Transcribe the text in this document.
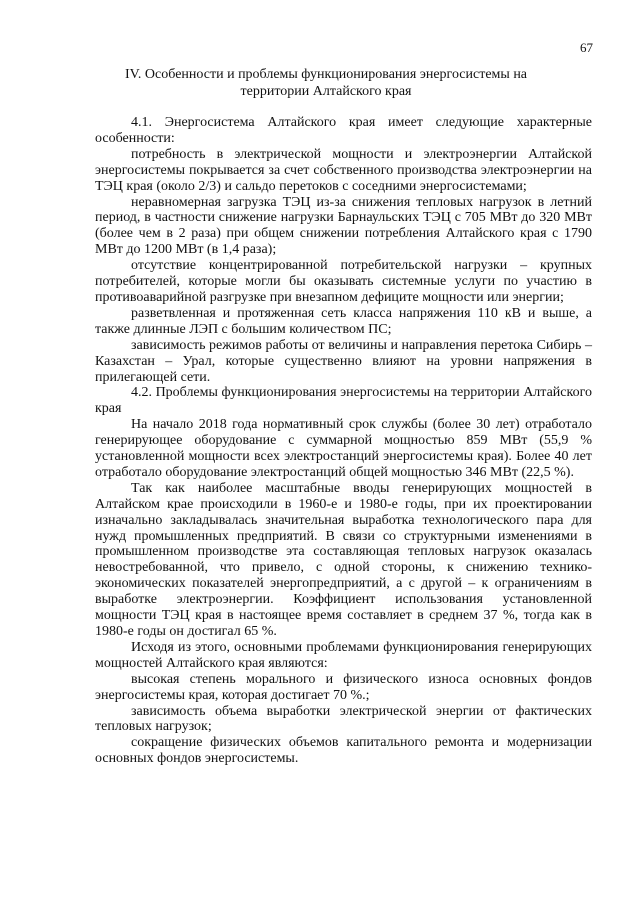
67
IV. Особенности и проблемы функционирования энергосистемы на территории Алтайского края

4.1. Энергосистема Алтайского края имеет следующие характерные особенности:

потребность в электрической мощности и электроэнергии Алтайской энергосистемы покрывается за счет собственного производства электроэнергии на ТЭЦ края (около 2/3) и сальдо перетоков с соседними энергосистемами;

неравномерная загрузка ТЭЦ из-за снижения тепловых нагрузок в летний период, в частности снижение нагрузки Барнаульских ТЭЦ с 705 МВт до 320 МВт (более чем в 2 раза) при общем снижении потребления Алтайского края с 1790 МВт до 1200 МВт (в 1,4 раза);

отсутствие концентрированной потребительской нагрузки – крупных потребителей, которые могли бы оказывать системные услуги по участию в противоаварийной разгрузке при внезапном дефиците мощности или энергии;

разветвленная и протяженная сеть класса напряжения 110 кВ и выше, а также длинные ЛЭП с большим количеством ПС;

зависимость режимов работы от величины и направления перетока Сибирь – Казахстан – Урал, которые существенно влияют на уровни напряжения в прилегающей сети.

4.2. Проблемы функционирования энергосистемы на территории Алтайского края

На начало 2018 года нормативный срок службы (более 30 лет) отработало генерирующее оборудование с суммарной мощностью 859 МВт (55,9 % установленной мощности всех электростанций энергосистемы края). Более 40 лет отработало оборудование электростанций общей мощностью 346 МВт (22,5 %).

Так как наиболее масштабные вводы генерирующих мощностей в Алтайском крае происходили в 1960-е и 1980-е годы, при их проектировании изначально закладывалась значительная выработка технологического пара для нужд промышленных предприятий. В связи со структурными изменениями в промышленном производстве эта составляющая тепловых нагрузок оказалась невостребованной, что привело, с одной стороны, к снижению технико-экономических показателей энергопредприятий, а с другой – к ограничениям в выработке электроэнергии. Коэффициент использования установленной мощности ТЭЦ края в настоящее время составляет в среднем 37 %, тогда как в 1980-е годы он достигал 65 %.

Исходя из этого, основными проблемами функционирования генерирующих мощностей Алтайского края являются:

высокая степень морального и физического износа основных фондов энергосистемы края, которая достигает 70 %.;

зависимость объема выработки электрической энергии от фактических тепловых нагрузок;

сокращение физических объемов капитального ремонта и модернизации основных фондов энергосистемы.
